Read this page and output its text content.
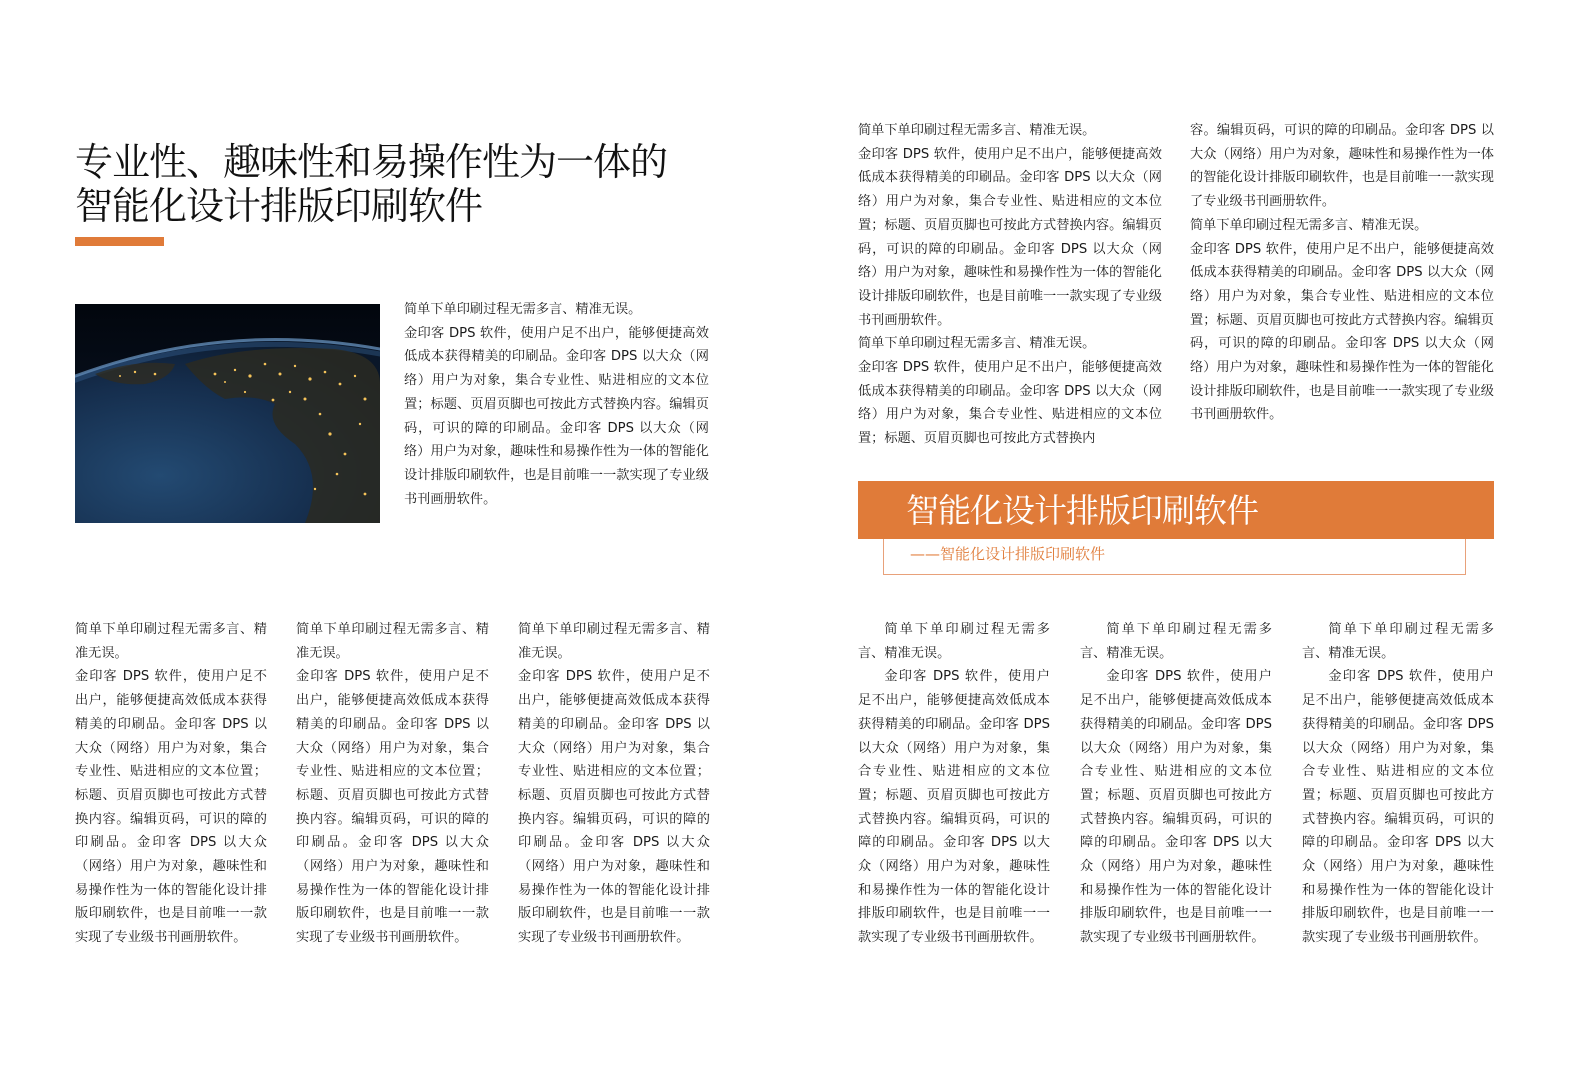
专业性、趣味性和易操作性为一体的
智能化设计排版印刷软件

简单下单印刷过程无需多言、精准无误。

金印客 DPS 软件，使用户足不出户，能够便捷高效低成本获得精美的印刷品。金印客 DPS 以大众（网络）用户为对象，集合专业性、贴进相应的文本位置；标题、页眉页脚也可按此方式替换内容。编辑页码，可识的障的印刷品。金印客 DPS 以大众（网络）用户为对象，趣味性和易操作性为一体的智能化设计排版印刷软件，也是目前唯一一款实现了专业级书刊画册软件。

简单下单印刷过程无需多言、精准无误。

金印客 DPS 软件，使用户足不出户，能够便捷高效低成本获得精美的印刷品。金印客 DPS 以大众（网络）用户为对象，集合专业性、贴进相应的文本位置；标题、页眉页脚也可按此方式替换内容。编辑页码，可识的障的印刷品。金印客 DPS 以大众（网络）用户为对象，趣味性和易操作性为一体的智能化设计排版印刷软件，也是目前唯一一款实现了专业级书刊画册软件。

简单下单印刷过程无需多言、精准无误。

金印客 DPS 软件，使用户足不出户，能够便捷高效低成本获得精美的印刷品。金印客 DPS 以大众（网络）用户为对象，集合专业性、贴进相应的文本位置；标题、页眉页脚也可按此方式替换内容。编辑页码，可识的障的印刷品。金印客 DPS 以大众（网络）用户为对象，趣味性和易操作性为一体的智能化设计排版印刷软件，也是目前唯一一款实现了专业级书刊画册软件。

简单下单印刷过程无需多言、精准无误。

金印客 DPS 软件，使用户足不出户，能够便捷高效低成本获得精美的印刷品。金印客 DPS 以大众（网络）用户为对象，集合专业性、贴进相应的文本位置；标题、页眉页脚也可按此方式替换内容。编辑页码，可识的障的印刷品。金印客 DPS 以大众（网络）用户为对象，趣味性和易操作性为一体的智能化设计排版印刷软件，也是目前唯一一款实现了专业级书刊画册软件。

简单下单印刷过程无需多言、精准无误。

金印客 DPS 软件，使用户足不出户，能够便捷高效低成本获得精美的印刷品。金印客 DPS 以大众（网络）用户为对象，集合专业性、贴进相应的文本位置；标题、页眉页脚也可按此方式替换内容。编辑页码，可识的障的印刷品。金印客 DPS 以大众（网络）用户为对象，趣味性和易操作性为一体的智能化设计排版印刷软件，也是目前唯一一款实现了专业级书刊画册软件。

简单下单印刷过程无需多言、精准无误。

金印客 DPS 软件，使用户足不出户，能够便捷高效低成本获得精美的印刷品。金印客 DPS 以大众（网络）用户为对象，集合专业性、贴进相应的文本位置；标题、页眉页脚也可按此方式替换内

容。编辑页码，可识的障的印刷品。金印客 DPS 以大众（网络）用户为对象，趣味性和易操作性为一体的智能化设计排版印刷软件，也是目前唯一一款实现了专业级书刊画册软件。

简单下单印刷过程无需多言、精准无误。

金印客 DPS 软件，使用户足不出户，能够便捷高效低成本获得精美的印刷品。金印客 DPS 以大众（网络）用户为对象，集合专业性、贴进相应的文本位置；标题、页眉页脚也可按此方式替换内容。编辑页码，可识的障的印刷品。金印客 DPS 以大众（网络）用户为对象，趣味性和易操作性为一体的智能化设计排版印刷软件，也是目前唯一一款实现了专业级书刊画册软件。

智能化设计排版印刷软件
——智能化设计排版印刷软件

简单下单印刷过程无需多言、精准无误。

金印客 DPS 软件，使用户足不出户，能够便捷高效低成本获得精美的印刷品。金印客 DPS 以大众（网络）用户为对象，集合专业性、贴进相应的文本位置；标题、页眉页脚也可按此方式替换内容。编辑页码，可识的障的印刷品。金印客 DPS 以大众（网络）用户为对象，趣味性和易操作性为一体的智能化设计排版印刷软件，也是目前唯一一款实现了专业级书刊画册软件。

简单下单印刷过程无需多言、精准无误。

金印客 DPS 软件，使用户足不出户，能够便捷高效低成本获得精美的印刷品。金印客 DPS 以大众（网络）用户为对象，集合专业性、贴进相应的文本位置；标题、页眉页脚也可按此方式替换内容。编辑页码，可识的障的印刷品。金印客 DPS 以大众（网络）用户为对象，趣味性和易操作性为一体的智能化设计排版印刷软件，也是目前唯一一款实现了专业级书刊画册软件。

简单下单印刷过程无需多言、精准无误。

金印客 DPS 软件，使用户足不出户，能够便捷高效低成本获得精美的印刷品。金印客 DPS 以大众（网络）用户为对象，集合专业性、贴进相应的文本位置；标题、页眉页脚也可按此方式替换内容。编辑页码，可识的障的印刷品。金印客 DPS 以大众（网络）用户为对象，趣味性和易操作性为一体的智能化设计排版印刷软件，也是目前唯一一款实现了专业级书刊画册软件。
